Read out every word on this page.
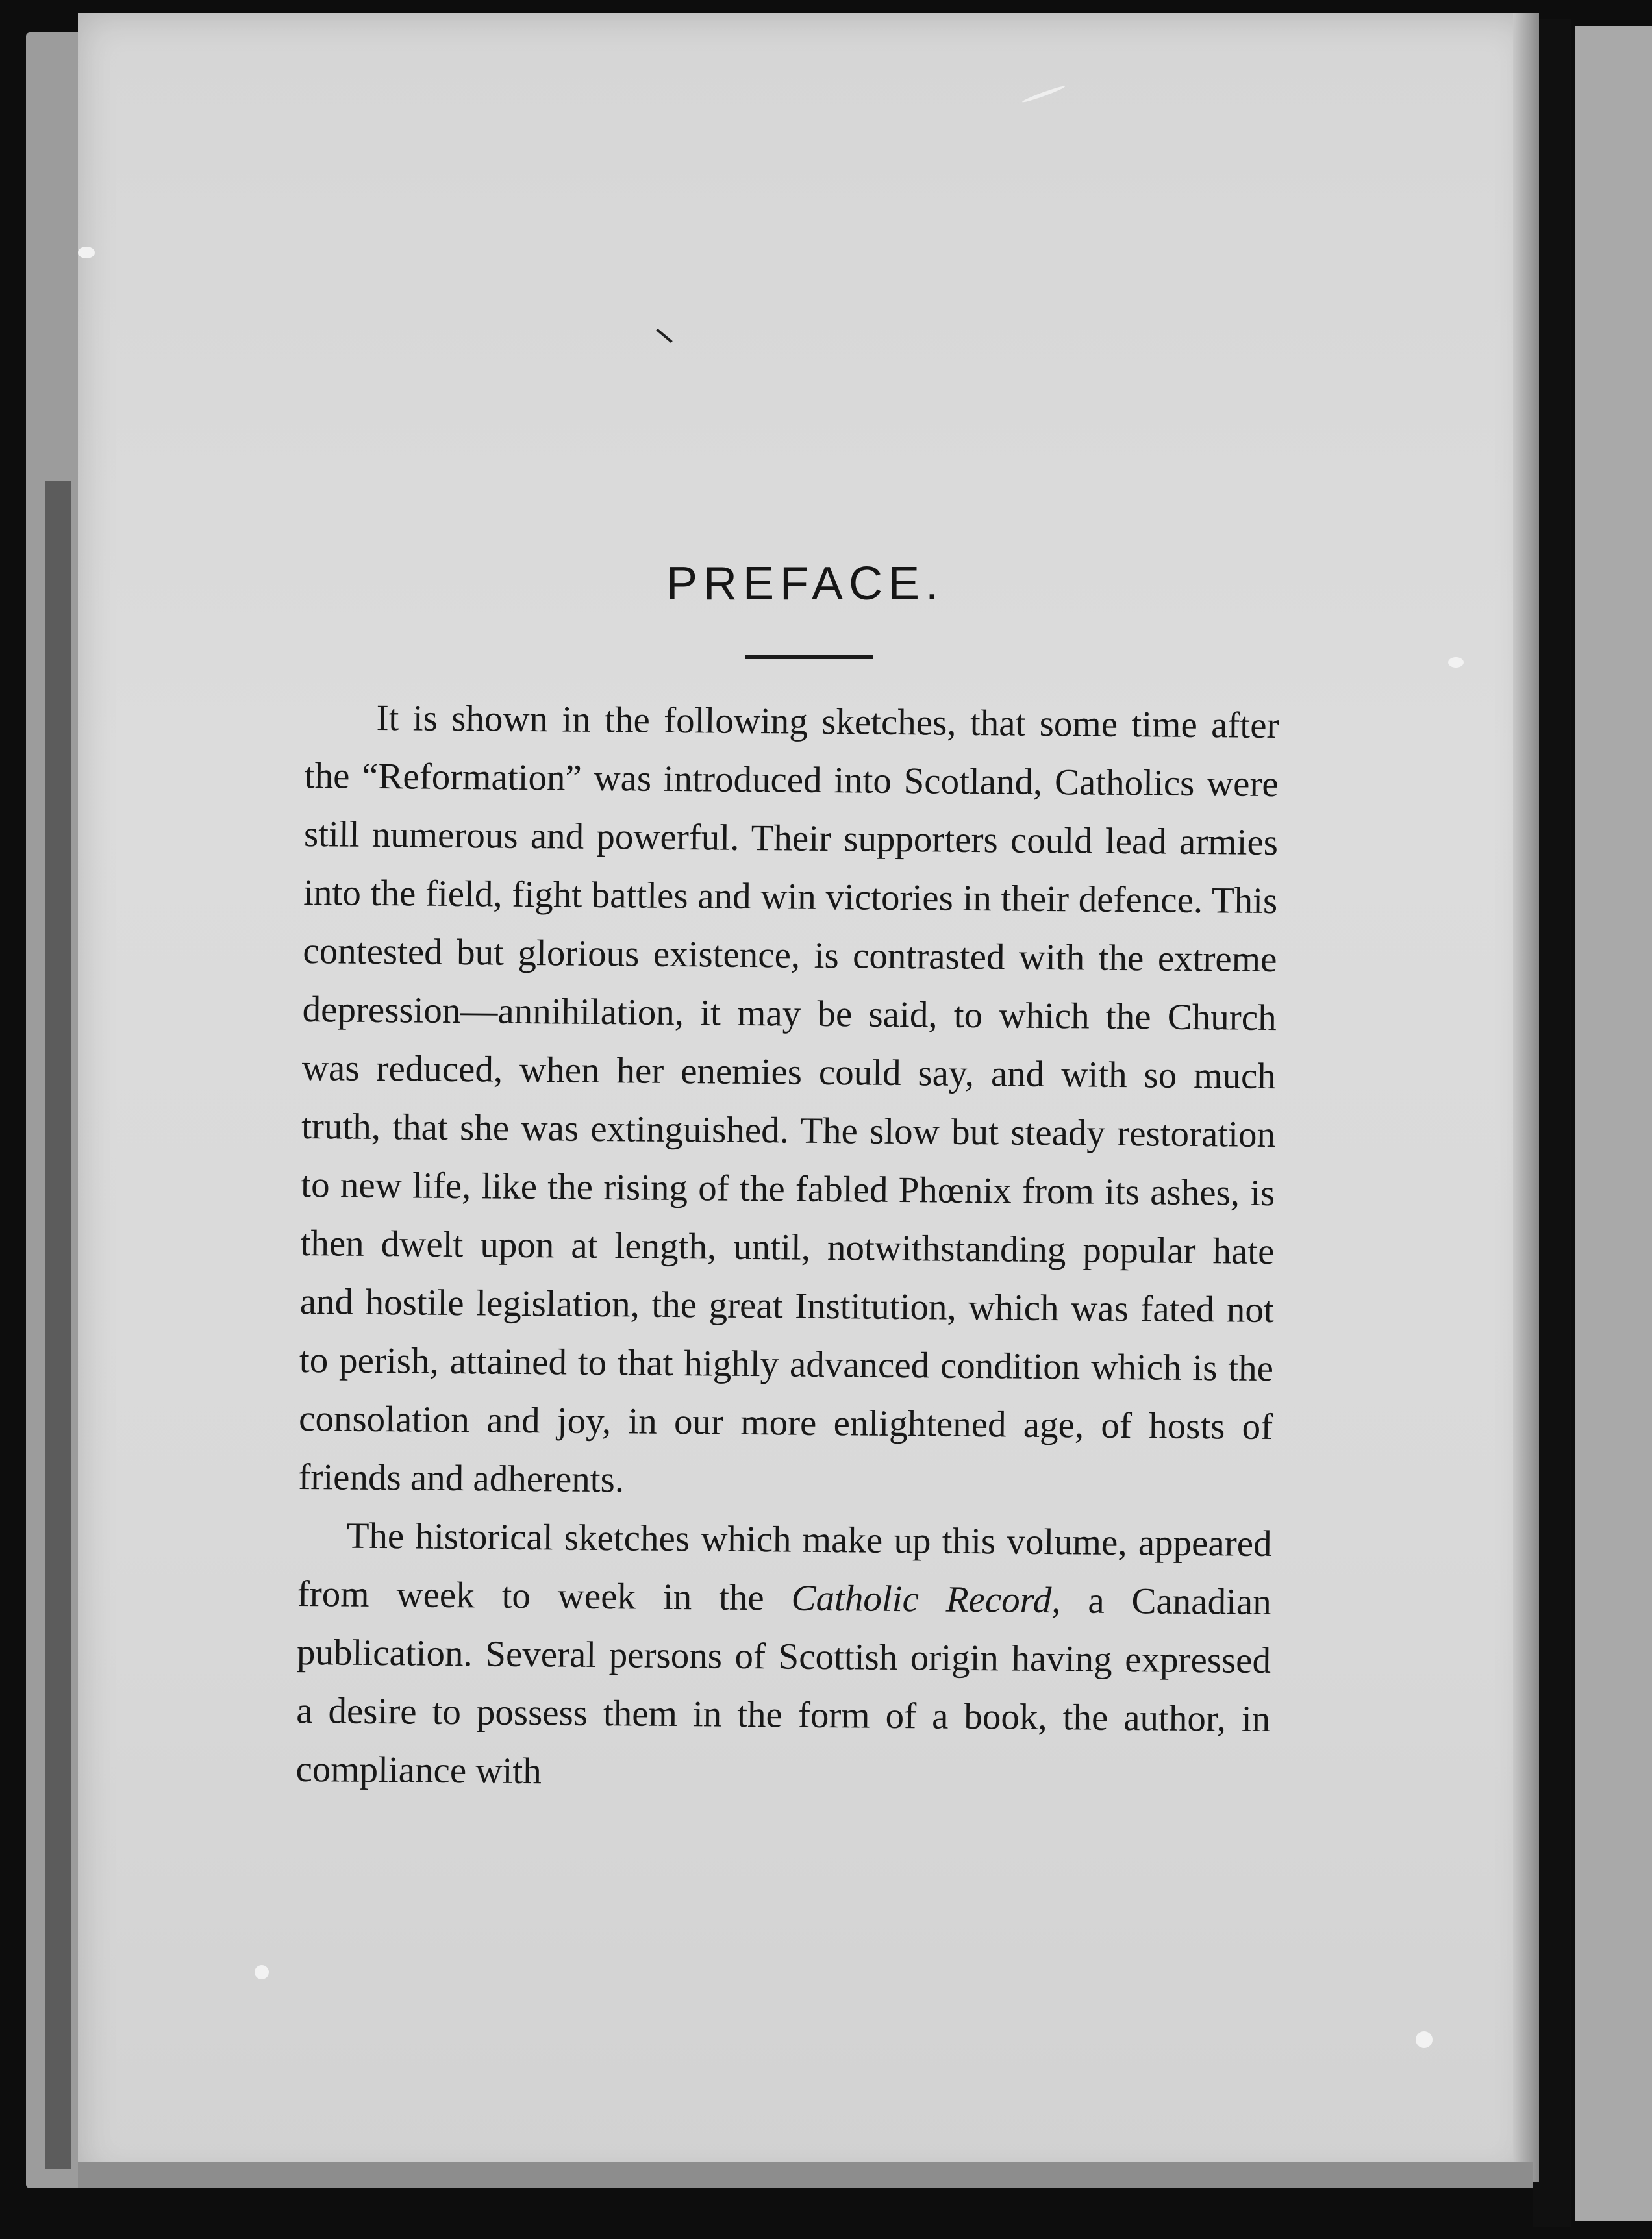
PREFACE.

It is shown in the following sketches, that some time after the “Reformation” was introduced into Scotland, Catholics were still numerous and powerful. Their supporters could lead armies into the field, fight battles and win victories in their defence. This contested but glorious existence, is contrasted with the extreme depression—annihilation, it may be said, to which the Church was reduced, when her enemies could say, and with so much truth, that she was extinguished. The slow but steady restoration to new life, like the rising of the fabled Phœnix from its ashes, is then dwelt upon at length, until, notwithstanding popular hate and hostile legislation, the great Institution, which was fated not to perish, attained to that highly advanced condition which is the consolation and joy, in our more enlightened age, of hosts of friends and adherents.

The historical sketches which make up this volume, appeared from week to week in the Catholic Record, a Canadian publication. Several persons of Scottish origin having expressed a desire to possess them in the form of a book, the author, in compliance with
